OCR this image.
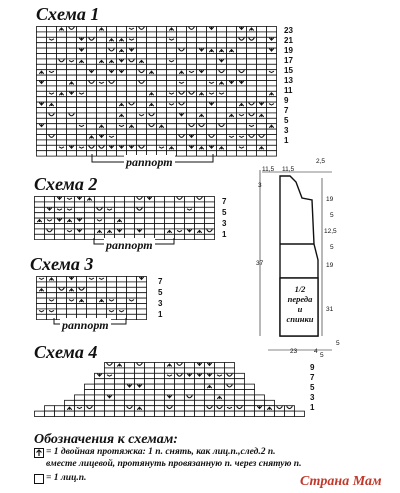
Схема 1
23
21
19
17
15
13
11
9
7
5
3
1
раппорт
Схема 2
7
5
3
1
раппорт
Схема 3
7
5
3
1
раппорт
Схема 4
9
7
5
3
1
11,5 11,5
2,5
3
19
5
12,5
5
19
31
5
37
23	4
5
1/2
переда
и
спинки
Обозначения к схемам:
= 1 двойная протяжка: 1 п. снять, как лиц.п.,след.2 п.
вместе лицевой, протянуть провязанную п. через снятую п.
= 1 лиц.п.	Страна Мам
